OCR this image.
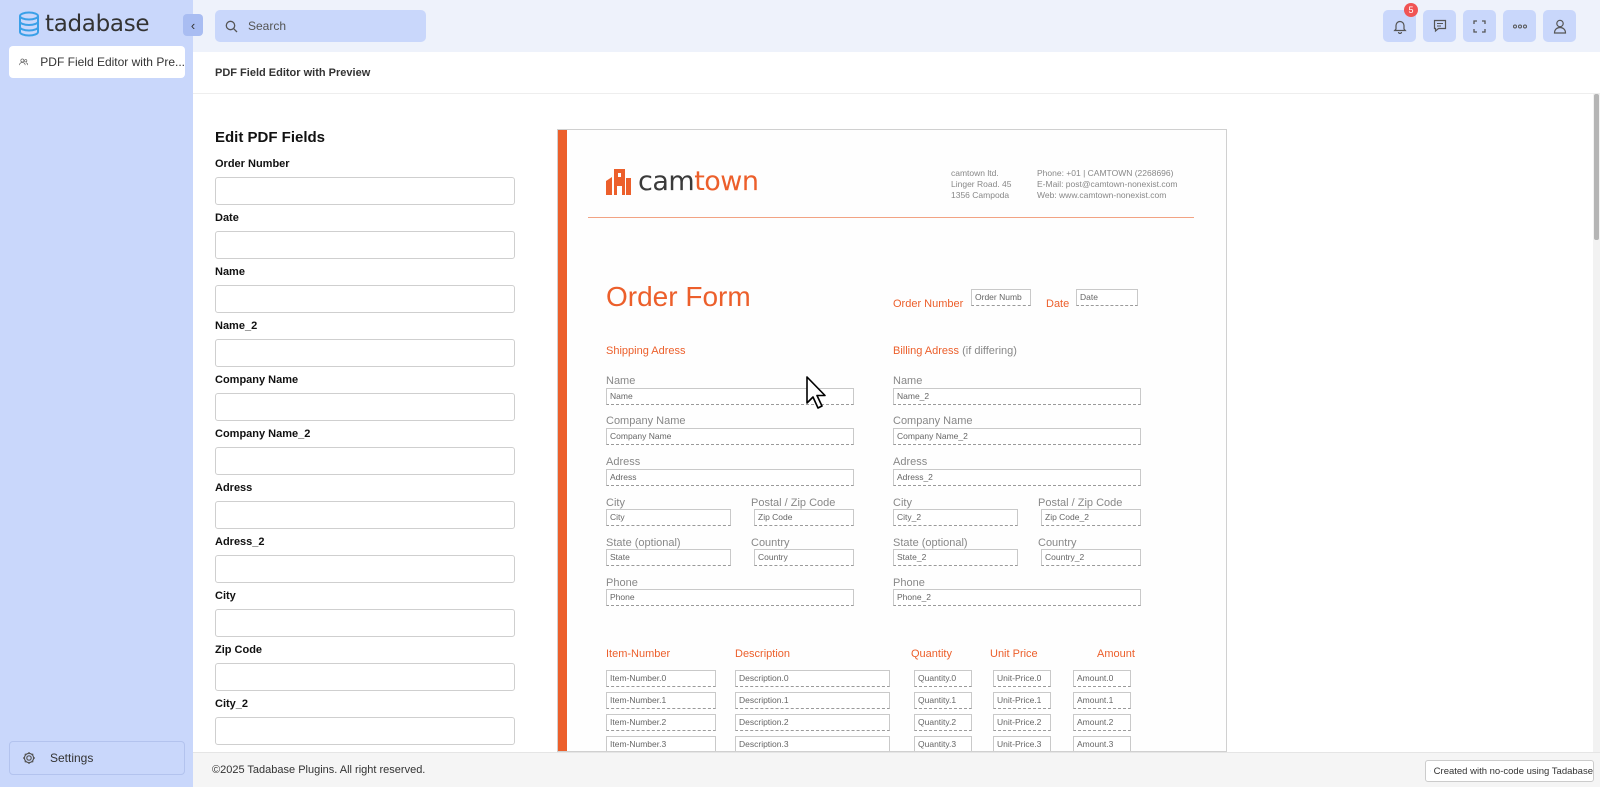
tadabase
PDF Field Editor with Pre...
Settings
‹
Search
5
PDF Field Editor with Preview
Edit PDF Fields
Order Number
Date
Name
Name_2
Company Name
Company Name_2
Adress
Adress_2
City
Zip Code
City_2
camtown	camtown ltd.
Linger Road. 45
1356 Campoda
Phone: +01 | CAMTOWN (2268696)
E-Mail: post@camtown-nonexist.com
Web: www.camtown-nonexist.com
Order Form	Order Number
Order Numb
Date
Date
Shipping Adress	Billing Adress (if differing)
Name
Name
Company Name
Company Name
Adress
Adress
City
City
Postal / Zip Code
Zip Code
State (optional)
State
Country
Country
Phone
Phone
Name
Name_2
Company Name
Company Name_2
Adress
Adress_2
City
City_2
Postal / Zip Code
Zip Code_2
State (optional)
State_2
Country
Country_2
Phone
Phone_2
Item-Number	Description	Quantity	Unit Price	Amount
Item-Number.0	Description.0	Quantity.0	Unit-Price.0	Amount.0
Item-Number.1	Description.1	Quantity.1	Unit-Price.1	Amount.1
Item-Number.2	Description.2	Quantity.2	Unit-Price.2	Amount.2
Item-Number.3	Description.3	Quantity.3	Unit-Price.3	Amount.3
©2025 Tadabase Plugins. All right reserved.	Created with no-code using Tadabase
